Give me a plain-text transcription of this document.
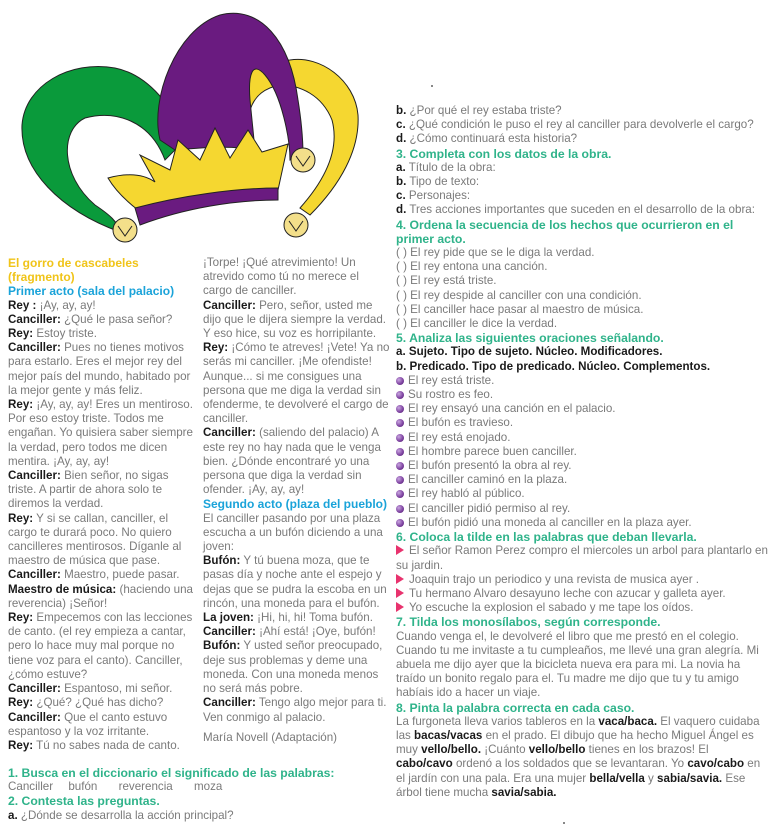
El gorro de cascabeles

(fragmento)

Primer acto (sala del palacio)

Rey : ¡Ay, ay, ay!

Canciller: ¿Qué le pasa señor?

Rey: Estoy triste.

Canciller: Pues no tienes motivos para estarlo. Eres el mejor rey del mejor país del mundo, habitado por la mejor gente y más feliz.

Rey: ¡Ay, ay, ay! Eres un mentiroso. Por eso estoy triste. Todos me engañan. Yo quisiera saber siempre la verdad, pero todos me dicen mentira. ¡Ay, ay, ay!

Canciller: Bien señor, no sigas triste. A partir de ahora solo te diremos la verdad.

Rey: Y si se callan, canciller, el cargo te durará poco. No quiero cancilleres mentirosos. Díganle al maestro de música que pase.

Canciller: Maestro, puede pasar.

Maestro de música: (haciendo una reverencia) ¡Señor!

Rey: Empecemos con las lecciones de canto. (el rey empieza a cantar, pero lo hace muy mal porque no tiene voz para el canto). Canciller, ¿cómo estuve?

Canciller: Espantoso, mi señor.

Rey: ¿Qué? ¿Qué has dicho?

Canciller: Que el canto estuvo espantoso y la voz irritante.

Rey: Tú no sabes nada de canto.

¡Torpe! ¡Qué atrevimiento! Un atrevido como tú no merece el cargo de canciller.

Canciller: Pero, señor, usted me dijo que le dijera siempre la verdad. Y eso hice, su voz es horripilante.

Rey: ¡Cómo te atreves! ¡Vete! Ya no serás mi canciller. ¡Me ofendiste! Aunque... si me consigues una persona que me diga la verdad sin ofenderme, te devolveré el cargo de canciller.

Canciller: (saliendo del palacio) A este rey no hay nada que le venga bien. ¿Dónde encontraré yo una persona que diga la verdad sin ofender. ¡Ay, ay, ay!

Segundo acto (plaza del pueblo)

El canciller pasando por una plaza escucha a un bufón diciendo a una joven:

Bufón: Y tú buena moza, que te pasas día y noche ante el espejo y dejas que se pudra la escoba en un rincón, una moneda para el bufón.

La joven: ¡Hi, hi, hi! Toma bufón.

Canciller: ¡Ahí está! ¡Oye, bufón!

Bufón: Y usted señor preocupado, deje sus problemas y deme una moneda. Con una moneda menos no será más pobre.

Canciller: Tengo algo mejor para ti. Ven conmigo al palacio.

María Novell (Adaptación)

1. Busca en el diccionario el significado de las palabras:

Canciller bufón reverencia moza

2. Contesta las preguntas.

a. ¿Dónde se desarrolla la acción principal?

b. ¿Por qué el rey estaba triste?

c. ¿Qué condición le puso el rey al canciller para devolverle el cargo?

d. ¿Cómo continuará esta historia?

3. Completa con los datos de la obra.

a. Título de la obra:

b. Tipo de texto:

c. Personajes:

d. Tres acciones importantes que suceden en el desarrollo de la obra:

4. Ordena la secuencia de los hechos que ocurrieron en el primer acto.

( ) El rey pide que se le diga la verdad.

( ) El rey entona una canción.

( ) El rey está triste.

( ) El rey despide al canciller con una condición.

( ) El canciller hace pasar al maestro de música.

( ) El canciller le dice la verdad.

5. Analiza las siguientes oraciones señalando.

a. Sujeto. Tipo de sujeto. Núcleo. Modificadores.

b. Predicado. Tipo de predicado. Núcleo. Complementos.

El rey está triste.

Su rostro es feo.

El rey ensayó una canción en el palacio.

El bufón es travieso.

El rey está enojado.

El hombre parece buen canciller.

El bufón presentó la obra al rey.

El canciller caminó en la plaza.

El rey habló al público.

El canciller pidió permiso al rey.

El bufón pidió una moneda al canciller en la plaza ayer.

6. Coloca la tilde en las palabras que deban llevarla.

El señor Ramon Perez compro el miercoles un arbol para plantarlo en su jardin.

Joaquin trajo un periodico y una revista de musica ayer .

Tu hermano Alvaro desayuno leche con azucar y galleta ayer.

Yo escuche la explosion el sabado y me tape los oídos.

7. Tilda los monosílabos, según corresponde.

Cuando venga el, le devolveré el libro que me prestó en el colegio. Cuando tu me invitaste a tu cumpleaños, me llevé una gran alegría. Mi abuela me dijo ayer que la bicicleta nueva era para mi. La novia ha traído un bonito regalo para el. Tu madre me dijo que tu y tu amigo habíais ido a hacer un viaje.

8. Pinta la palabra correcta en cada caso.

La furgoneta lleva varios tableros en la vaca/baca. El vaquero cuidaba las bacas/vacas en el prado. El dibujo que ha hecho Miguel Ángel es muy vello/bello. ¡Cuánto vello/bello tienes en los brazos! El cabo/cavo ordenó a los soldados que se levantaran. Yo cavo/cabo en el jardín con una pala. Era una mujer bella/vella y sabia/savia. Ese árbol tiene mucha savia/sabia.
